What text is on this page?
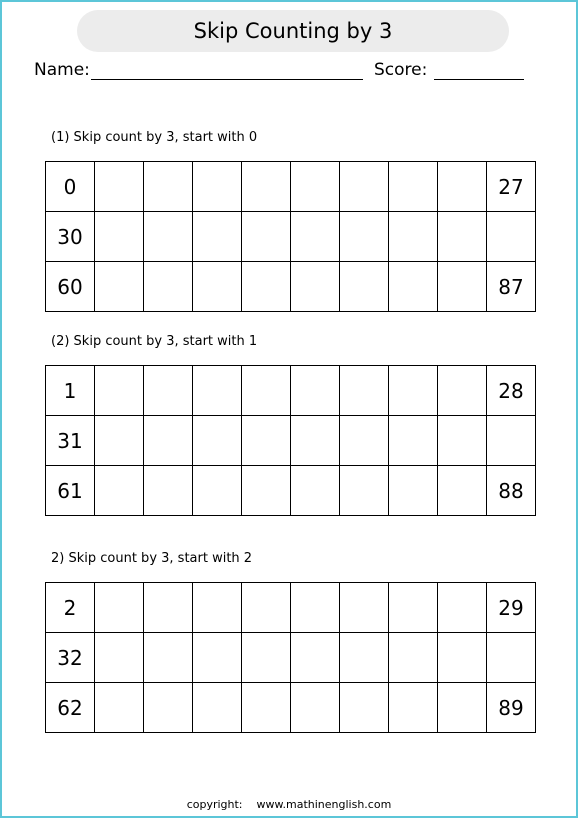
Skip Counting by 3
Name:	Score:
(1) Skip count by 3, start with 0
0									27
30									
60									87
(2) Skip count by 3, start with 1
1									28
31									
61									88
2) Skip count by 3, start with 2
2									29
32									
62									89
copyright: www.mathinenglish.com
